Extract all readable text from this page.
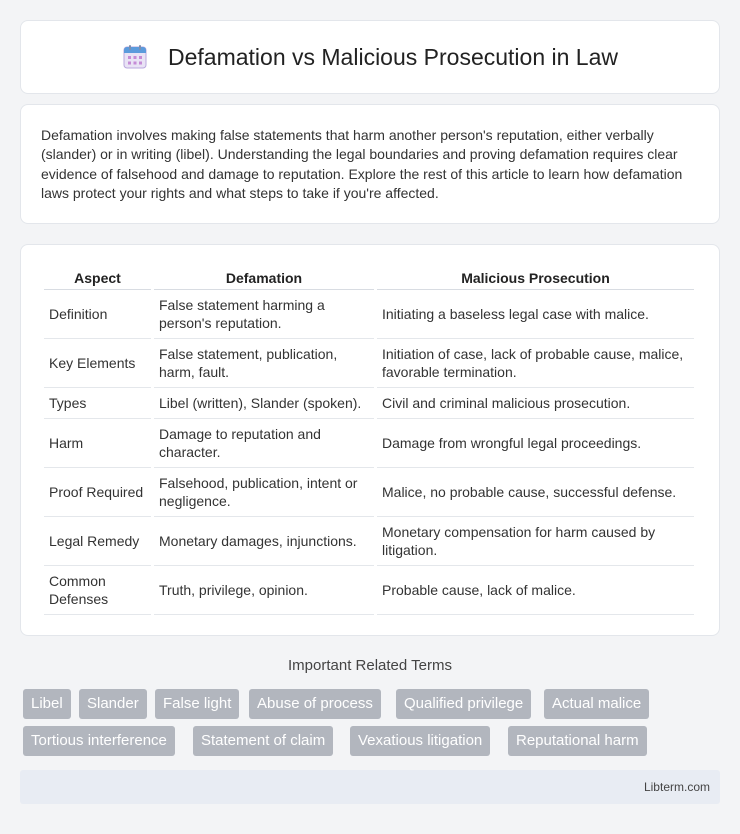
Defamation vs Malicious Prosecution in Law

Defamation involves making false statements that harm another person's reputation, either verbally (slander) or in writing (libel). Understanding the legal boundaries and proving defamation requires clear evidence of falsehood and damage to reputation. Explore the rest of this article to learn how defamation laws protect your rights and what steps to take if you're affected.

Aspect	Defamation	Malicious Prosecution
Definition	False statement harming a person's reputation.	Initiating a baseless legal case with malice.
Key Elements	False statement, publication, harm, fault.	Initiation of case, lack of probable cause, malice, favorable termination.
Types	Libel (written), Slander (spoken).	Civil and criminal malicious prosecution.
Harm	Damage to reputation and character.	Damage from wrongful legal proceedings.
Proof Required	Falsehood, publication, intent or negligence.	Malice, no probable cause, successful defense.
Legal Remedy	Monetary damages, injunctions.	Monetary compensation for harm caused by litigation.
Common Defenses	Truth, privilege, opinion.	Probable cause, lack of malice.
Important Related Terms
Libel	Slander	False light	Abuse of process	Qualified privilege	Actual malice
Tortious interference	Statement of claim	Vexatious litigation	Reputational harm
Libterm.com
